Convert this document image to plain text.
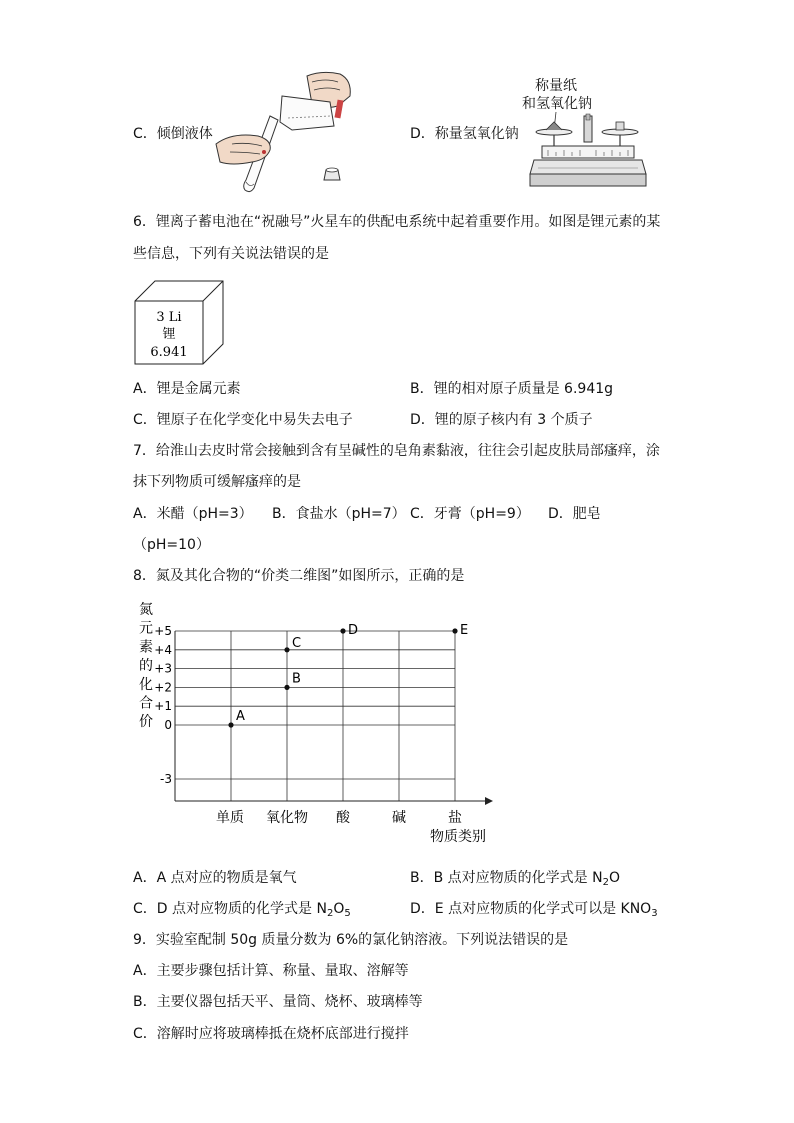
C．倾倒液体	D．称量氢氧化钠
称量纸
和氢氧化钠
6．锂离子蓄电池在“祝融号”火星车的供配电系统中起着重要作用。如图是锂元素的某
些信息，下列有关说法错误的是
3 Li
锂
6.941
A．锂是金属元素	B．锂的相对原子质量是 6.941g
C．锂原子在化学变化中易失去电子	D．锂的原子核内有 3 个质子
7．给淮山去皮时常会接触到含有呈碱性的皂角素黏液，往往会引起皮肤局部瘙痒，涂
抹下列物质可缓解瘙痒的是
A．米醋（pH=3） B．食盐水（pH=7） C．牙膏（pH=9） D．肥皂
（pH=10）
8．氮及其化合物的“价类二维图”如图所示，正确的是
氮
元
素
的
化
合
价
+5
+4
+3
+2
+1
0
-3
单质 氧化物 酸	碱	盐
A
B
C
D	E
物质类别
A．A 点对应的物质是氧气	B．B 点对应物质的化学式是 $N_2O$
C．D 点对应物质的化学式是 $N_2O_5$	D．E 点对应物质的化学式可以是 $KNO_3$
9．实验室配制 50g 质量分数为 6%的氯化钠溶液。下列说法错误的是
A．主要步骤包括计算、称量、量取、溶解等
B．主要仪器包括天平、量筒、烧杯、玻璃棒等
C．溶解时应将玻璃棒抵在烧杯底部进行搅拌
